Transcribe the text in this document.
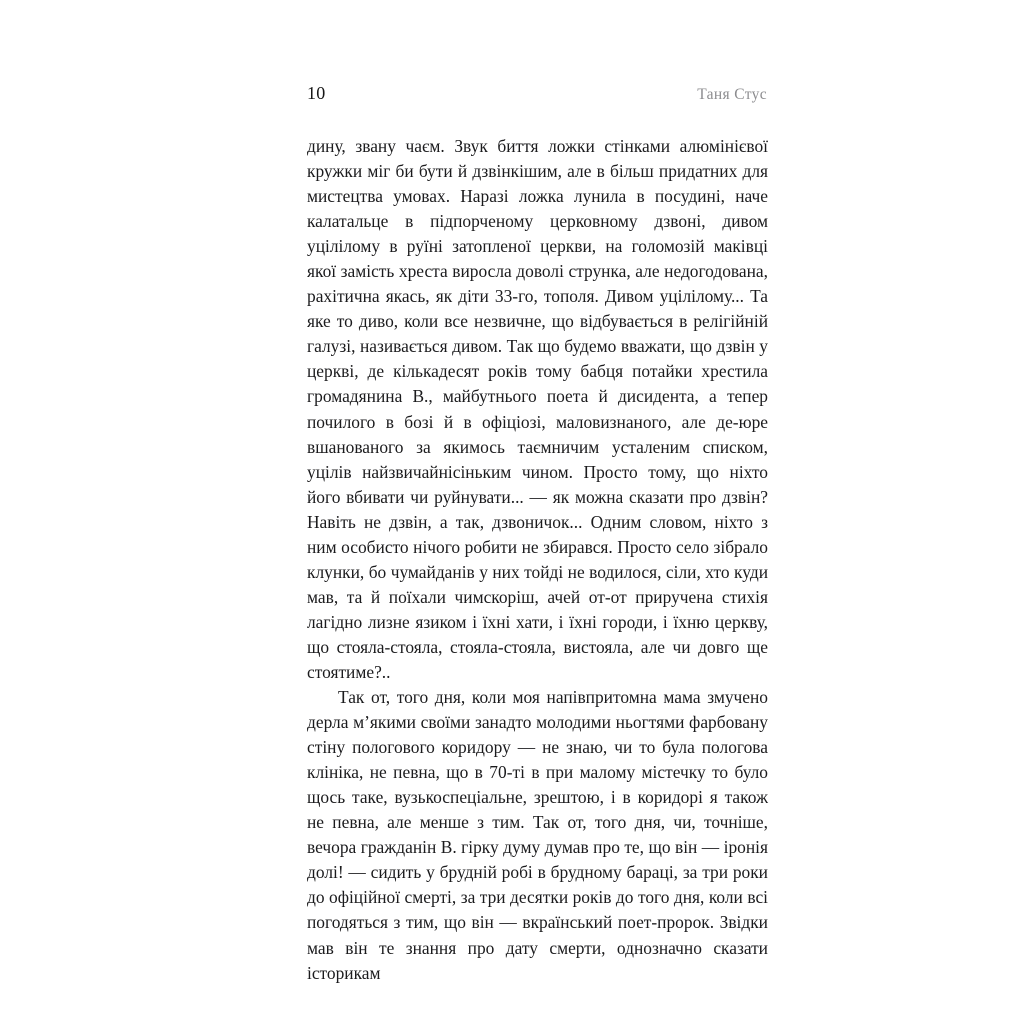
10	Таня Стус

дину, звану чаєм. Звук биття ложки стінками алюмінієвої кружки міг би бути й дзвінкішим, але в більш придатних для мистецтва умовах. Наразі ложка лунила в посудині, наче калатальце в підпорченому церковному дзвоні, дивом уцілілому в руїні затопленої церкви, на голомозій маківці якої замість хреста виросла доволі струнка, але недогодована, рахітична якась, як діти 33-го, тополя. Дивом уцілілому... Та яке то диво, коли все незвичне, що відбувається в релігійній галузі, називається дивом. Так що будемо вважати, що дзвін у церкві, де кількадесят років тому бабця потайки хрестила громадянина В., майбутнього поета й дисидента, а тепер почилого в бозі й в офіціозі, маловизнаного, але де-юре вшанованого за якимось таємничим усталеним списком, уцілів найзвичайнісіньким чином. Просто тому, що ніхто його вбивати чи руйнувати... — як можна сказати про дзвін? Навіть не дзвін, а так, дзвоничок... Одним словом, ніхто з ним особисто нічого робити не збирався. Просто село зібрало клунки, бо чумайданів у них тойді не водилося, сіли, хто куди мав, та й поїхали чимскоріш, ачей от-от приручена стихія лагідно лизне язиком і їхні хати, і їхні городи, і їхню церкву, що стояла-стояла, стояла-стояла, вистояла, але чи довго ще стоятиме?..

Так от, того дня, коли моя напівпритомна мама змучено дерла м’якими своїми занадто молодими ньогтями фарбовану стіну пологового коридору — не знаю, чи то була пологова клініка, не певна, що в 70-ті в при малому містечку то було щось таке, вузькоспеціальне, зрештою, і в коридорі я також не певна, але менше з тим. Так от, того дня, чи, точніше, вечора гражданін В. гірку думу думав про те, що він — іронія долі! — сидить у брудній робі в брудному бараці, за три роки до офіційної смерті, за три десятки років до того дня, коли всі погодяться з тим, що він — вкраїнський поет-пророк. Звідки мав він те знання про дату смерти, однозначно сказати історикам
